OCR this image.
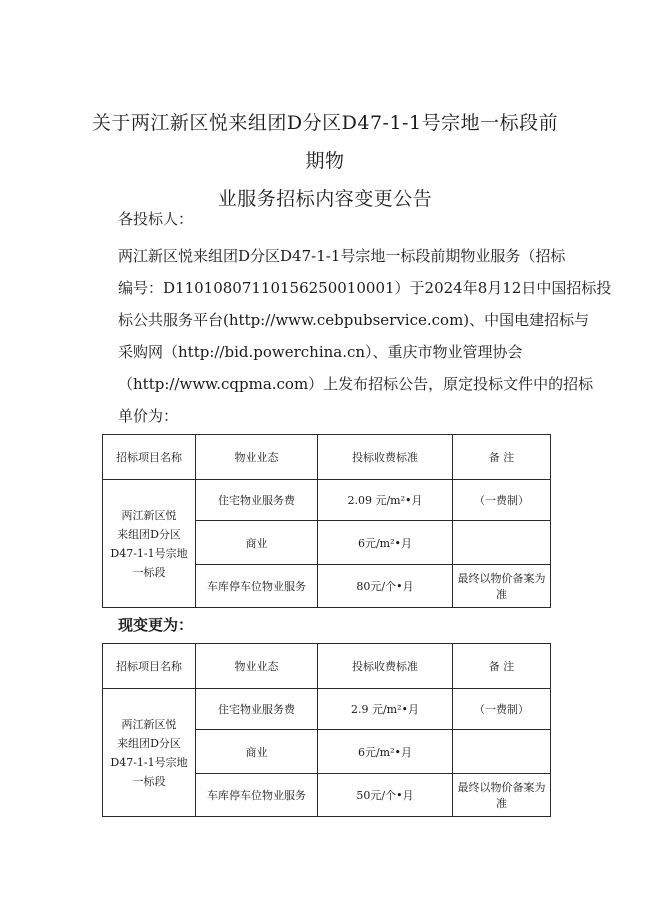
关于两江新区悦来组团D分区D47-1-1号宗地一标段前期物
业服务招标内容变更公告
各投标人：
两江新区悦来组团D分区D47-1-1号宗地一标段前期物业服务（招标
编号：D11010807110156250010001）于2024年8月12日中国招标投
标公共服务平台(http://www.cebpubservice.com)、中国电建招标与
采购网（http://bid.powerchina.cn）、重庆市物业管理协会
（http://www.cqpma.com）上发布招标公告，原定投标文件中的招标
单价为：
招标项目名称	物业业态	投标收费标准	备 注

两江新区悦
来组团D分区
D47-1-1号宗地
一标段	住宅物业服务费	2.09 元/m²•月	（一费制）
	商业	6元/m²•月	
	车库停车位物业服务	80元/个•月	最终以物价备案为准
现变更为：
招标项目名称	物业业态	投标收费标准	备 注

两江新区悦
来组团D分区
D47-1-1号宗地
一标段	住宅物业服务费	2.9 元/m²•月	（一费制）
	商业	6元/m²•月	
	车库停车位物业服务	50元/个•月	最终以物价备案为准
